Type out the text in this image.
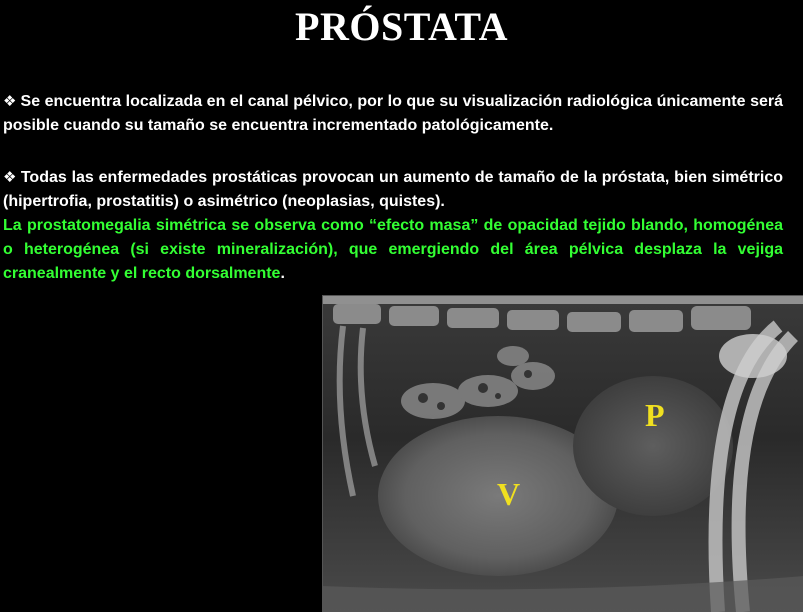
PRÓSTATA
❖ Se encuentra localizada en el canal pélvico, por lo que su visualización radiológica únicamente será posible cuando su tamaño se encuentra incrementado patológicamente.
❖ Todas las enfermedades prostáticas provocan un aumento de tamaño de la próstata, bien simétrico (hipertrofia, prostatitis) o asimétrico (neoplasias, quistes).
La prostatomegalia simétrica se observa como “efecto masa” de opacidad tejido blando, homogénea o heterogénea (si existe mineralización), que emergiendo del área pélvica desplaza la vejiga cranealmente y el recto dorsalmente.
P
V
